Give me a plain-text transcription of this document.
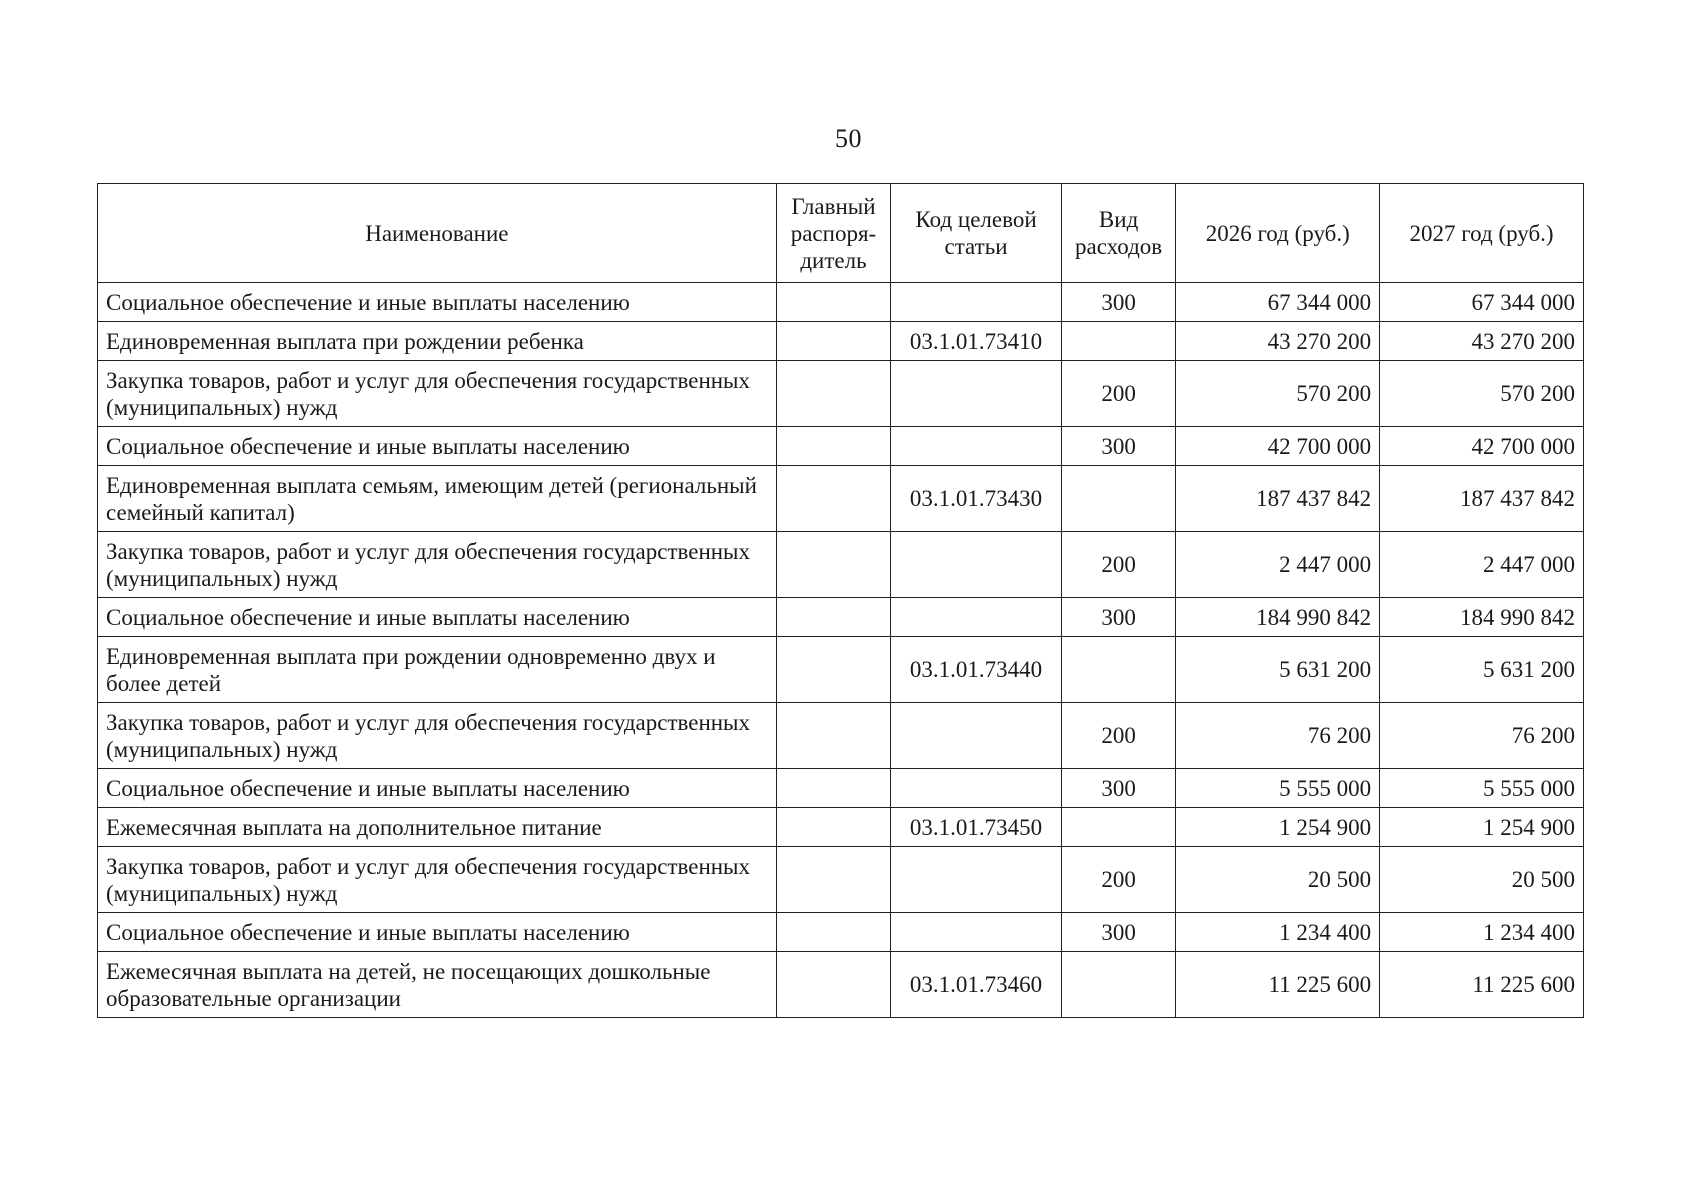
50
Наименование	Главный распоря-дитель	Код целевой статьи	Вид расходов	2026 год (руб.)	2027 год (руб.)
Социальное обеспечение и иные выплаты населению			300	67 344 000	67 344 000
Единовременная выплата при рождении ребенка		03.1.01.73410		43 270 200	43 270 200
Закупка товаров, работ и услуг для обеспечения государственных (муниципальных) нужд			200	570 200	570 200
Социальное обеспечение и иные выплаты населению			300	42 700 000	42 700 000
Единовременная выплата семьям, имеющим детей (региональный семейный капитал)		03.1.01.73430		187 437 842	187 437 842
Закупка товаров, работ и услуг для обеспечения государственных (муниципальных) нужд			200	2 447 000	2 447 000
Социальное обеспечение и иные выплаты населению			300	184 990 842	184 990 842
Единовременная выплата при рождении одновременно двух и более детей		03.1.01.73440		5 631 200	5 631 200
Закупка товаров, работ и услуг для обеспечения государственных (муниципальных) нужд			200	76 200	76 200
Социальное обеспечение и иные выплаты населению			300	5 555 000	5 555 000
Ежемесячная выплата на дополнительное питание		03.1.01.73450		1 254 900	1 254 900
Закупка товаров, работ и услуг для обеспечения государственных (муниципальных) нужд			200	20 500	20 500
Социальное обеспечение и иные выплаты населению			300	1 234 400	1 234 400
Ежемесячная выплата на детей, не посещающих дошкольные образовательные организации		03.1.01.73460		11 225 600	11 225 600
